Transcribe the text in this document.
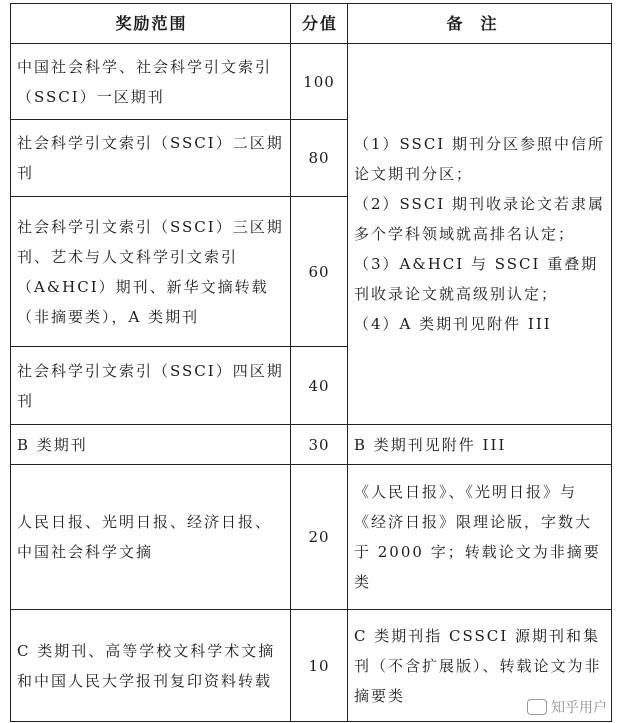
奖励范围	分值	备注
中国社会科学、社会科学引文索引（SSCI）一区期刊	100	（1）SSCI 期刊分区参照中信所论文期刊分区；

（2）SSCI 期刊收录论文若隶属多个学科领域就高排名认定；

（3）A&HCI 与 SSCI 重叠期刊收录论文就高级别认定；

（4）A 类期刊见附件 III

社会科学引文索引（SSCI）二区期刊	80	
社会科学引文索引（SSCI）三区期刊、艺术与人文科学引文索引（A&HCI）期刊、新华文摘转载（非摘要类），A 类期刊	60	
社会科学引文索引（SSCI）四区期刊	40	
B 类期刊	30	B 类期刊见附件 III
人民日报、光明日报、经济日报、中国社会科学文摘	20	《人民日报》、《光明日报》与《经济日报》限理论版，字数大于 2000 字；转载论文为非摘要类
C 类期刊、高等学校文科学术文摘和中国人民大学报刊复印资料转载	10	C 类期刊指 CSSCI 源期刊和集刊（不含扩展版）、转载论文为非摘要类
知乎用户
